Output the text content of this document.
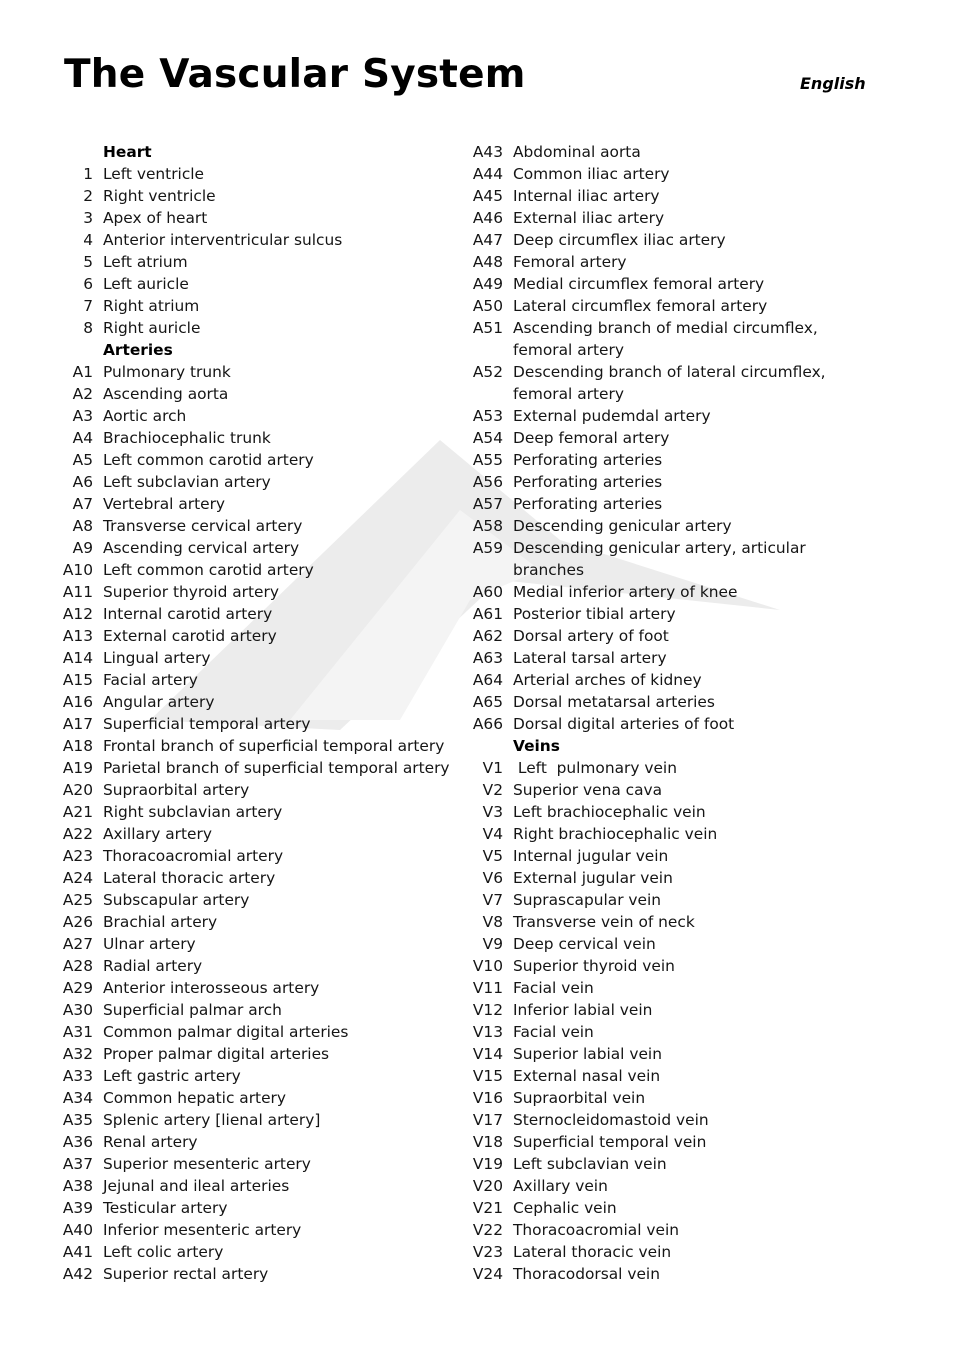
The Vascular System	English
Heart
1 Left ventricle
2 Right ventricle
3 Apex of heart
4 Anterior interventricular sulcus
5 Left atrium
6 Left auricle
7 Right atrium
8 Right auricle
Arteries
A1 Pulmonary trunk
A2 Ascending aorta
A3 Aortic arch
A4 Brachiocephalic trunk
A5 Left common carotid artery
A6 Left subclavian artery
A7 Vertebral artery
A8 Transverse cervical artery
A9 Ascending cervical artery
A10 Left common carotid artery
A11 Superior thyroid artery
A12 Internal carotid artery
A13 External carotid artery
A14 Lingual artery
A15 Facial artery
A16 Angular artery
A17 Superficial temporal artery
A18 Frontal branch of superficial temporal artery
A19 Parietal branch of superficial temporal artery
A20 Supraorbital artery
A21 Right subclavian artery
A22 Axillary artery
A23 Thoracoacromial artery
A24 Lateral thoracic artery
A25 Subscapular artery
A26 Brachial artery
A27 Ulnar artery
A28 Radial artery
A29 Anterior interosseous artery
A30 Superficial palmar arch
A31 Common palmar digital arteries
A32 Proper palmar digital arteries
A33 Left gastric artery
A34 Common hepatic artery
A35 Splenic artery [lienal artery]
A36 Renal artery
A37 Superior mesenteric artery
A38 Jejunal and ileal arteries
A39 Testicular artery
A40 Inferior mesenteric artery
A41 Left colic artery
A42 Superior rectal artery
A43 Abdominal aorta
A44 Common iliac artery
A45 Internal iliac artery
A46 External iliac artery
A47 Deep circumflex iliac artery
A48 Femoral artery
A49 Medial circumflex femoral artery
A50 Lateral circumflex femoral artery
A51 Ascending branch of medial circumflex,
femoral artery
A52 Descending branch of lateral circumflex,
femoral artery
A53 External pudemdal artery
A54 Deep femoral artery
A55 Perforating arteries
A56 Perforating arteries
A57 Perforating arteries
A58 Descending genicular artery
A59 Descending genicular artery, articular
branches
A60 Medial inferior artery of knee
A61 Posterior tibial artery
A62 Dorsal artery of foot
A63 Lateral tarsal artery
A64 Arterial arches of kidney
A65 Dorsal metatarsal arteries
A66 Dorsal digital arteries of foot
Veins
V1 Left  pulmonary vein
V2 Superior vena cava
V3 Left brachiocephalic vein
V4 Right brachiocephalic vein
V5 Internal jugular vein
V6 External jugular vein
V7 Suprascapular vein
V8 Transverse vein of neck
V9 Deep cervical vein
V10 Superior thyroid vein
V11 Facial vein
V12 Inferior labial vein
V13 Facial vein
V14 Superior labial vein
V15 External nasal vein
V16 Supraorbital vein
V17 Sternocleidomastoid vein
V18 Superficial temporal vein
V19 Left subclavian vein
V20 Axillary vein
V21 Cephalic vein
V22 Thoracoacromial vein
V23 Lateral thoracic vein
V24 Thoracodorsal vein
